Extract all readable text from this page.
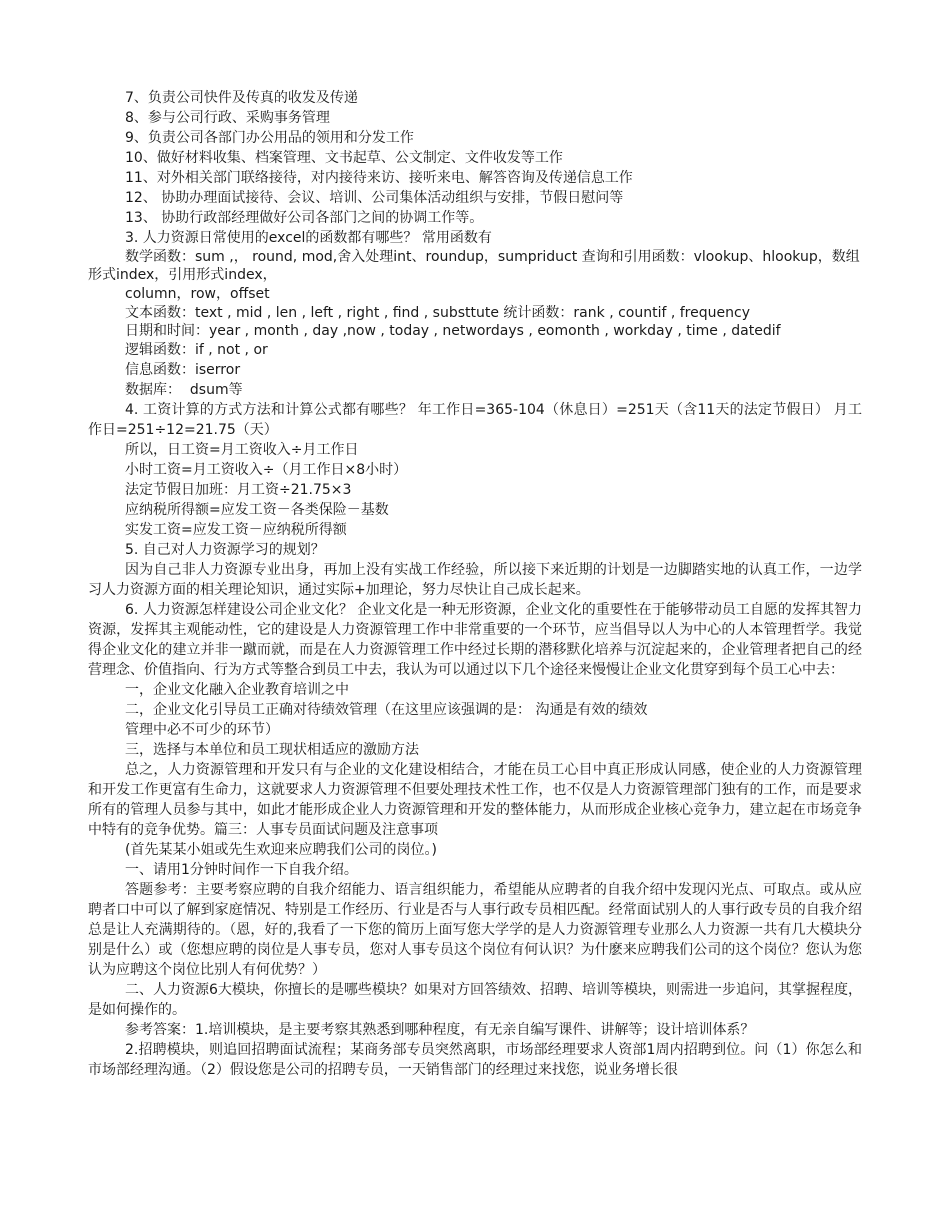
7、负责公司快件及传真的收发及传递

8、参与公司行政、采购事务管理

9、负责公司各部门办公用品的领用和分发工作

10、做好材料收集、档案管理、文书起草、公文制定、文件收发等工作

11、对外相关部门联络接待，对内接待来访、接听来电、解答咨询及传递信息工作

12、 协助办理面试接待、会议、培训、公司集体活动组织与安排，节假日慰问等

13、 协助行政部经理做好公司各部门之间的协调工作等。

3. 人力资源日常使用的excel的函数都有哪些？ 常用函数有

数学函数：sum ,， round, mod,舍入处理int、roundup，sumpriduct 查询和引用函数：vlookup、hlookup，数组形式index，引用形式index，

column，row，offset

文本函数：text , mid , len , left , right , find , substtute 统计函数：rank , countif , frequency

日期和时间：year , month , day ,now , today , networdays , eomonth , workday , time , datedif

逻辑函数：if , not , or

信息函数：iserror

数据库：  dsum等

4. 工资计算的方式方法和计算公式都有哪些？ 年工作日=365-104（休息日）=251天（含11天的法定节假日） 月工作日=251÷12=21.75（天）

所以，日工资=月工资收入÷月工作日

小时工资=月工资收入÷（月工作日×8小时）

法定节假日加班：月工资÷21.75×3

应纳税所得额=应发工资－各类保险－基数

实发工资=应发工资－应纳税所得额

5. 自己对人力资源学习的规划？

因为自己非人力资源专业出身，再加上没有实战工作经验，所以接下来近期的计划是一边脚踏实地的认真工作，一边学习人力资源方面的相关理论知识，通过实际+加理论，努力尽快让自己成长起来。

6. 人力资源怎样建设公司企业文化？ 企业文化是一种无形资源，企业文化的重要性在于能够带动员工自愿的发挥其智力资源，发挥其主观能动性，它的建设是人力资源管理工作中非常重要的一个环节，应当倡导以人为中心的人本管理哲学。我觉得企业文化的建立并非一蹴而就，而是在人力资源管理工作中经过长期的潜移默化培养与沉淀起来的，企业管理者把自己的经营理念、价值指向、行为方式等整合到员工中去，我认为可以通过以下几个途径来慢慢让企业文化贯穿到每个员工心中去：

一，企业文化融入企业教育培训之中

二，企业文化引导员工正确对待绩效管理（在这里应该强调的是： 沟通是有效的绩效

管理中必不可少的环节）

三，选择与本单位和员工现状相适应的激励方法

总之，人力资源管理和开发只有与企业的文化建设相结合，才能在员工心目中真正形成认同感，使企业的人力资源管理和开发工作更富有生命力，这就要求人力资源管理不但要处理技术性工作，也不仅是人力资源管理部门独有的工作，而是要求所有的管理人员参与其中，如此才能形成企业人力资源管理和开发的整体能力，从而形成企业核心竞争力，建立起在市场竞争中特有的竞争优势。篇三：人事专员面试问题及注意事项

(首先某某小姐或先生欢迎来应聘我们公司的岗位。)

一、请用1分钟时间作一下自我介绍。

答题参考：主要考察应聘的自我介绍能力、语言组织能力，希望能从应聘者的自我介绍中发现闪光点、可取点。或从应聘者口中可以了解到家庭情况、特别是工作经历、行业是否与人事行政专员相匹配。经常面试别人的人事行政专员的自我介绍总是让人充满期待的。（恩，好的,我看了一下您的简历上面写您大学学的是人力资源管理专业那么人力资源一共有几大模块分别是什么）或（您想应聘的岗位是人事专员，您对人事专员这个岗位有何认识？为什麽来应聘我们公司的这个岗位？您认为您认为应聘这个岗位比别人有何优势？）

二、人力资源6大模块，你擅长的是哪些模块？如果对方回答绩效、招聘、培训等模块，则需进一步追问，其掌握程度，是如何操作的。

参考答案：1.培训模块，是主要考察其熟悉到哪种程度，有无亲自编写课件、讲解等；设计培训体系？

2.招聘模块，则追回招聘面试流程；某商务部专员突然离职，市场部经理要求人资部1周内招聘到位。问（1）你怎么和市场部经理沟通。（2）假设您是公司的招聘专员，一天销售部门的经理过来找您，说业务增长很
